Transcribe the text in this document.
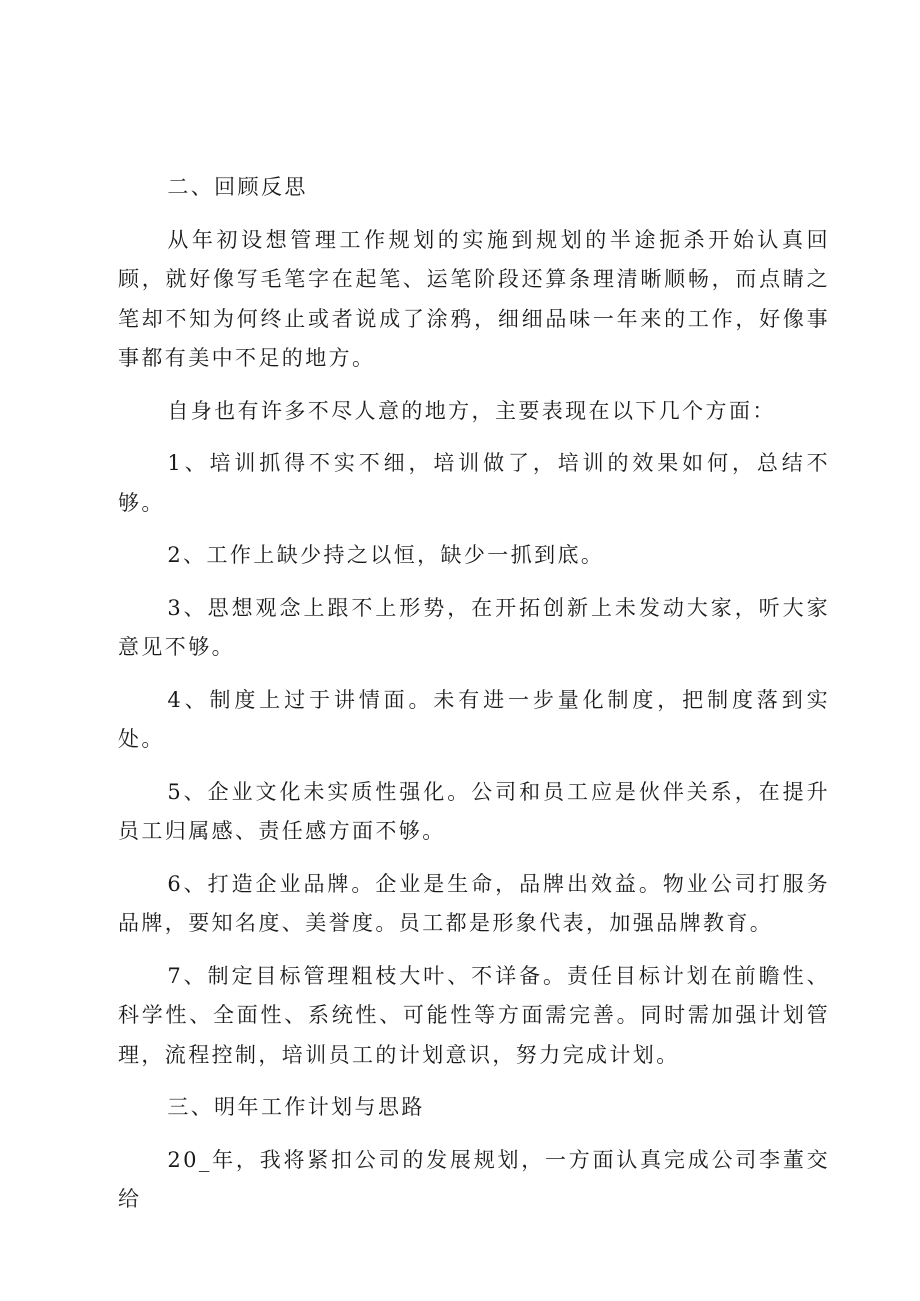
二、回顾反思

从年初设想管理工作规划的实施到规划的半途扼杀开始认真回顾，就好像写毛笔字在起笔、运笔阶段还算条理清晰顺畅，而点睛之笔却不知为何终止或者说成了涂鸦，细细品味一年来的工作，好像事事都有美中不足的地方。

自身也有许多不尽人意的地方，主要表现在以下几个方面：

1、培训抓得不实不细，培训做了，培训的效果如何，总结不够。

2、工作上缺少持之以恒，缺少一抓到底。

3、思想观念上跟不上形势，在开拓创新上未发动大家，听大家意见不够。

4、制度上过于讲情面。未有进一步量化制度，把制度落到实处。

5、企业文化未实质性强化。公司和员工应是伙伴关系，在提升员工归属感、责任感方面不够。

6、打造企业品牌。企业是生命，品牌出效益。物业公司打服务品牌，要知名度、美誉度。员工都是形象代表，加强品牌教育。

7、制定目标管理粗枝大叶、不详备。责任目标计划在前瞻性、科学性、全面性、系统性、可能性等方面需完善。同时需加强计划管理，流程控制，培训员工的计划意识，努力完成计划。

三、明年工作计划与思路

20_年，我将紧扣公司的发展规划，一方面认真完成公司李董交给
